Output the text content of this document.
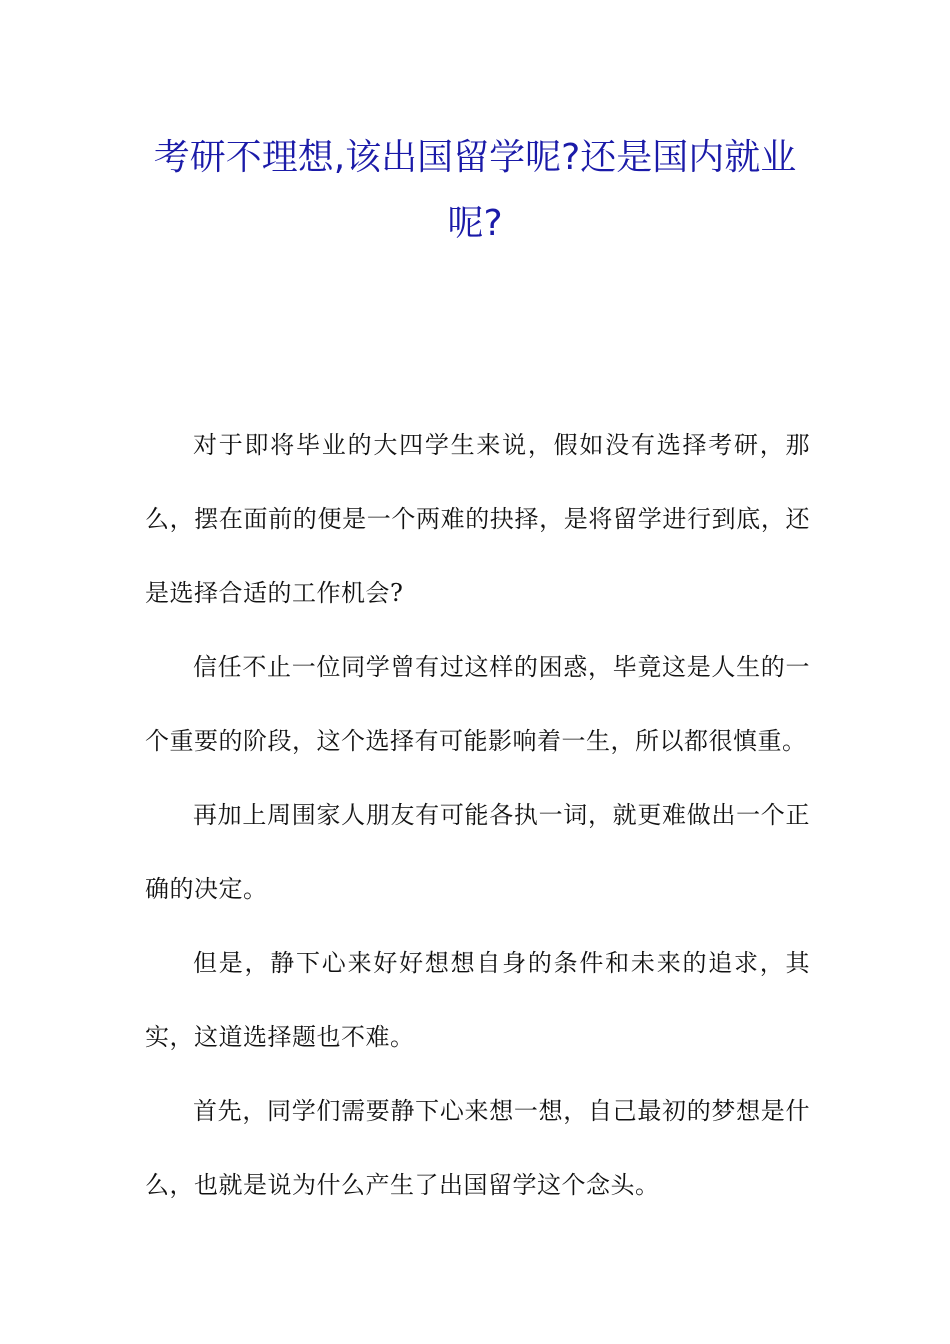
考研不理想,该出国留学呢?还是国内就业呢?

对于即将毕业的大四学生来说，假如没有选择考研，那么，摆在面前的便是一个两难的抉择，是将留学进行到底，还是选择合适的工作机会?

信任不止一位同学曾有过这样的困惑，毕竟这是人生的一个重要的阶段，这个选择有可能影响着一生，所以都很慎重。

再加上周围家人朋友有可能各执一词，就更难做出一个正确的决定。

但是，静下心来好好想想自身的条件和未来的追求，其实，这道选择题也不难。

首先，同学们需要静下心来想一想，自己最初的梦想是什么，也就是说为什么产生了出国留学这个念头。
